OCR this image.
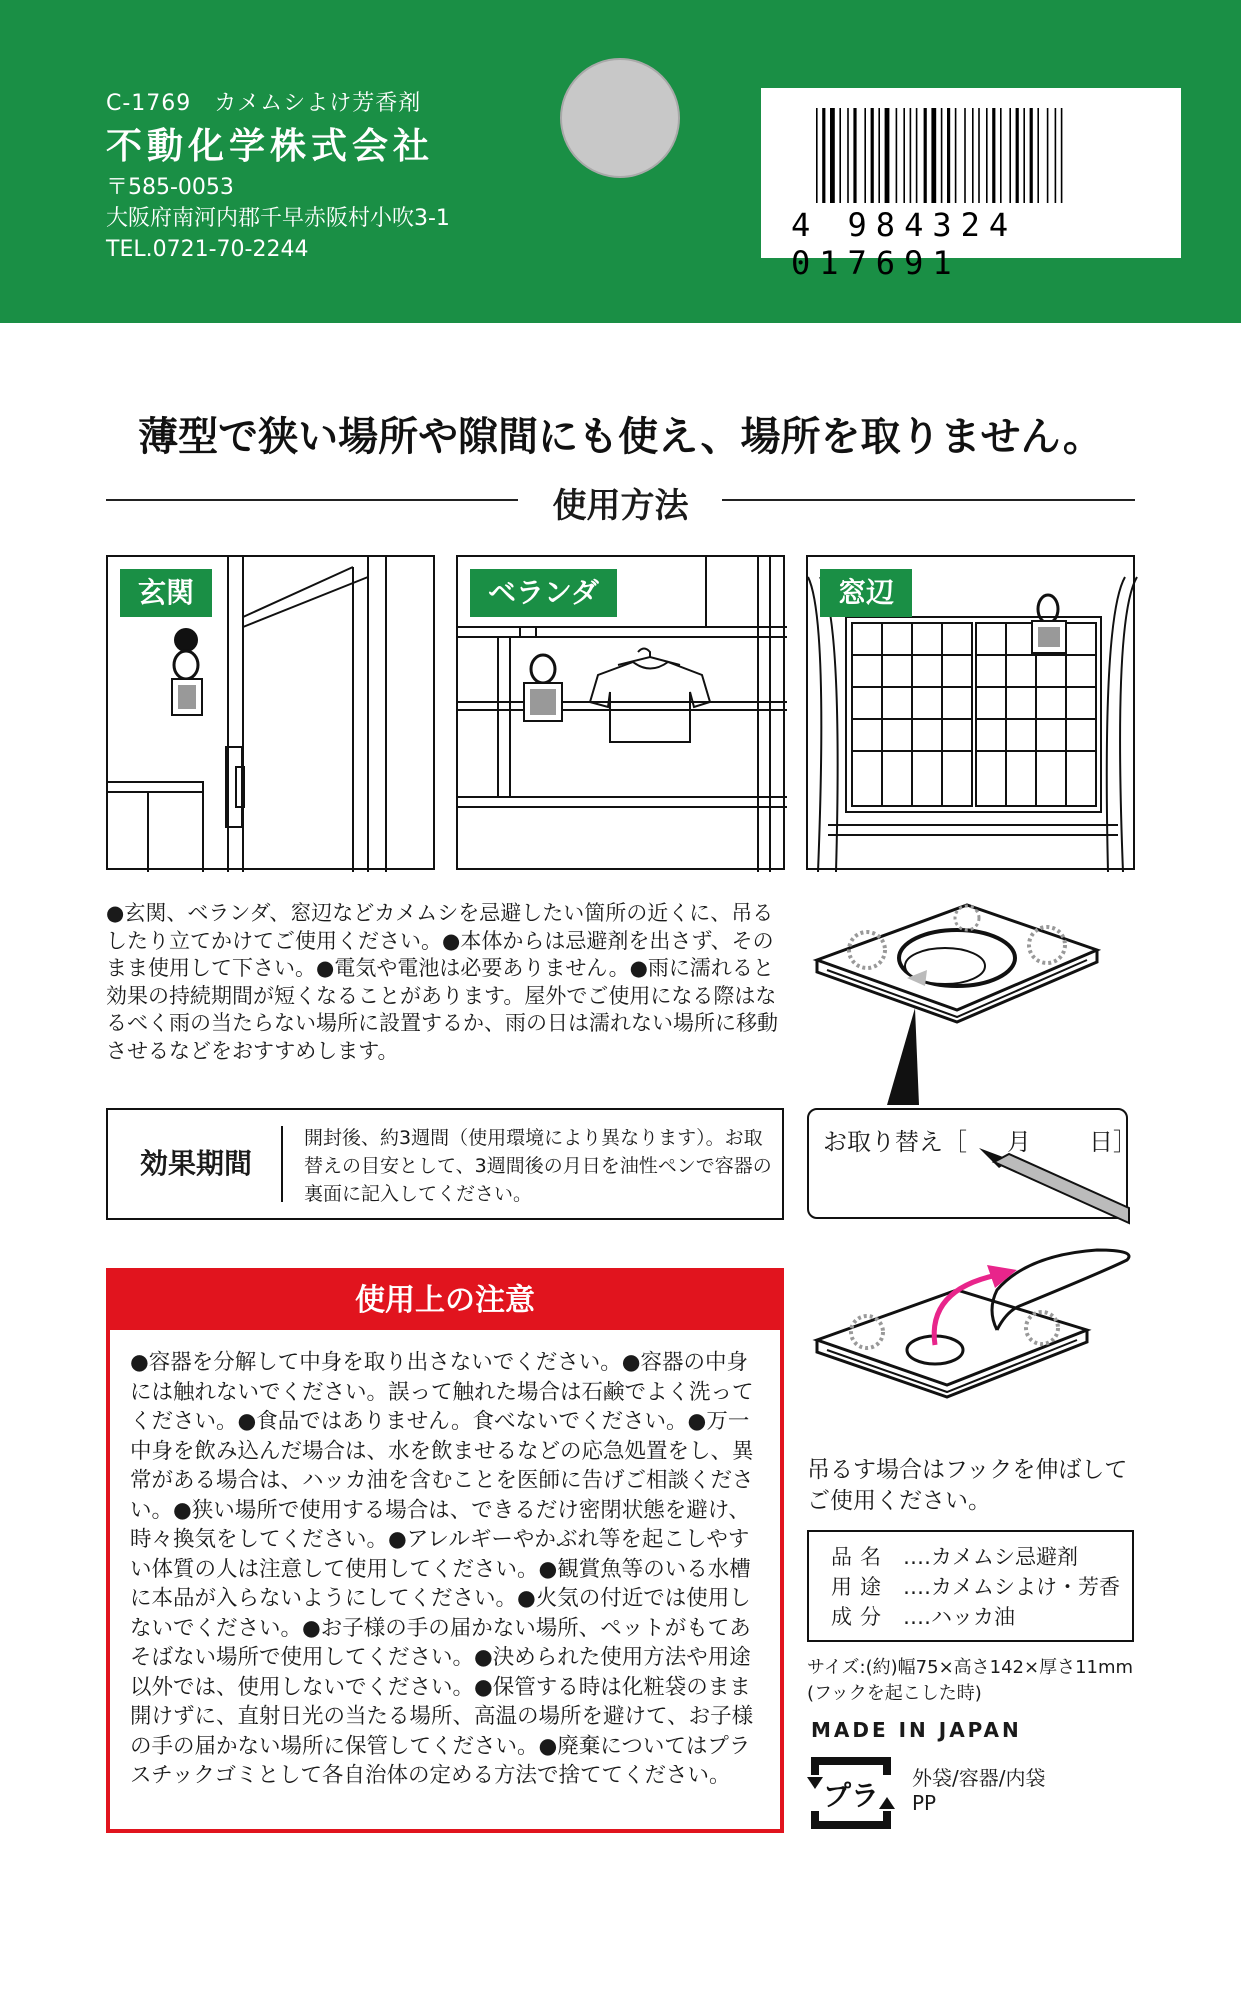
C-1769　カメムシよけ芳香剤
不動化学株式会社
〒585-0053
大阪府南河内郡千早赤阪村小吹3-1
TEL.0721-70-2244
4 984324 017691
薄型で狭い場所や隙間にも使え、場所を取りません。
使用方法
玄関	ベランダ	窓辺
●玄関、ベランダ、窓辺などカメムシを忌避したい箇所の近くに、吊るしたり立てかけてご使用ください。●本体からは忌避剤を出さず、そのまま使用して下さい。●電気や電池は必要ありません。●雨に濡れると効果の持続期間が短くなることがあります。屋外でご使用になる際はなるべく雨の当たらない場所に設置するか、雨の日は濡れない場所に移動させるなどをおすすめします。
効果期間
開封後、約3週間（使用環境により異なります）。お取替えの目安として、3週間後の月日を油性ペンで容器の裏面に記入してください。
使用上の注意
●容器を分解して中身を取り出さないでください。●容器の中身には触れないでください。誤って触れた場合は石鹸でよく洗ってください。●食品ではありません。食べないでください。●万一中身を飲み込んだ場合は、水を飲ませるなどの応急処置をし、異常がある場合は、ハッカ油を含むことを医師に告げご相談ください。●狭い場所で使用する場合は、できるだけ密閉状態を避け、時々換気をしてください。●アレルギーやかぶれ等を起こしやすい体質の人は注意して使用してください。●観賞魚等のいる水槽に本品が入らないようにしてください。●火気の付近では使用しないでください。●お子様の手の届かない場所、ペットがもてあそばない場所で使用してください。●決められた使用方法や用途以外では、使用しないでください。●保管する時は化粧袋のまま開けずに、直射日光の当たる場所、高温の場所を避けて、お子様の手の届かない場所に保管してください。●廃棄についてはプラスチックゴミとして各自治体の定める方法で捨ててください。
お取り替え［ 月 日］
吊るす場合はフックを伸ばしてご使用ください。
品名 ‥‥カメムシ忌避剤
用途 ‥‥カメムシよけ・芳香
成分 ‥‥ハッカ油
サイズ:(約)幅75×高さ142×厚さ11mm
(フックを起こした時)
MADE IN JAPAN
プラ
外袋/容器/内袋
PP
